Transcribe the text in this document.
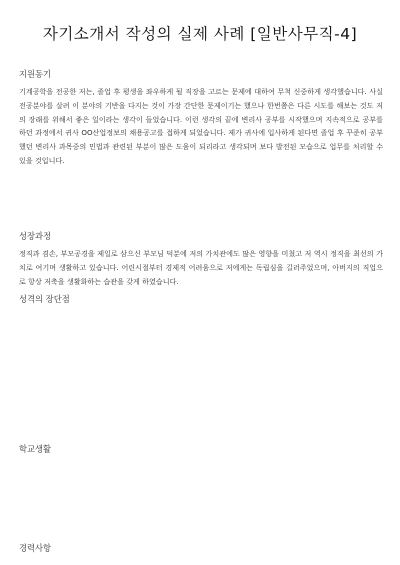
자기소개서 작성의 실제 사례 [일반사무직-4]
지원동기

기계공학을 전공한 저는, 졸업 후 평생을 좌우하게 될 직장을 고르는 문제에 대하여 무척 신중하게 생각했습니다. 사실 전공분야를 살려 이 분야의 기반을 다지는 것이 가장 간단한 문제이기는 했으나 한번쯤은 다른 시도를 해보는 것도 저의 장래를 위해서 좋은 일이라는 생각이 들었습니다. 이런 생각의 끝에 변리사 공부를 시작했으며 지속적으로 공부를 하던 과정에서 귀사 OO산업정보의 채용공고를 접하게 되었습니다. 제가 귀사에 입사하게 된다면 졸업 후 꾸준히 공부했던 변리사 과목중의 민법과 관련된 부분이 많은 도움이 되리라고 생각되며 보다 발전된 모습으로 업무를 처리할 수 있을 것입니다.

성장과정

정직과 겸손, 부모공경을 제일로 삼으신 부모님 덕분에 저의 가치관에도 많은 영향을 미쳤고 저 역시 정직을 최선의 가치로 여기며 생활하고 있습니다. 어린시절부터 경제적 어려움으로 저에게는 독립심을 길러주었으며, 아버지의 직업으로 항상 저축을 생활화하는 습관을 갖게 하였습니다.

성격의 장단점

학교생활

경력사항
